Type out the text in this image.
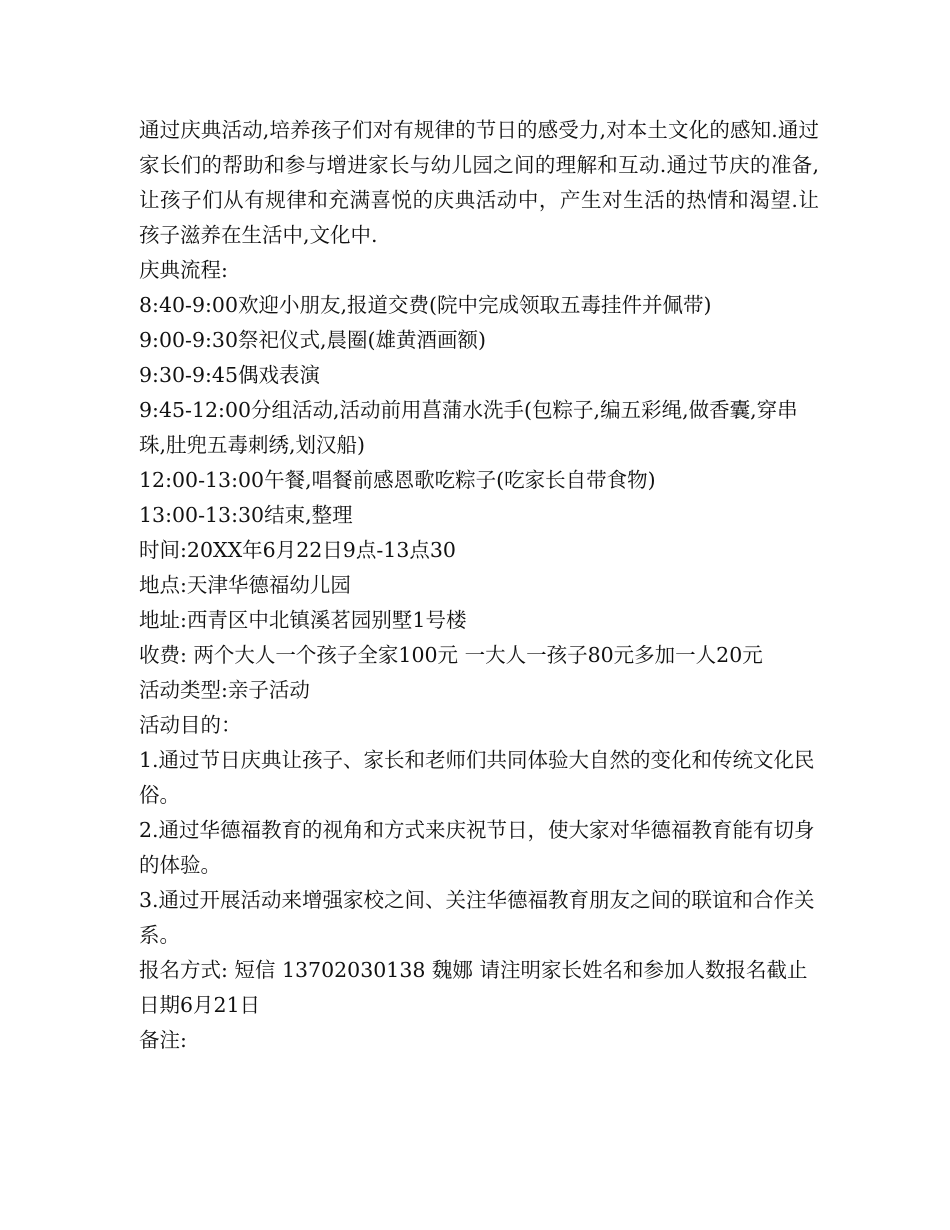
通过庆典活动,培养孩子们对有规律的节日的感受力,对本土文化的感知.通过家长们的帮助和参与增进家长与幼儿园之间的理解和互动.通过节庆的准备,让孩子们从有规律和充满喜悦的庆典活动中，产生对生活的热情和渴望.让孩子滋养在生活中,文化中.

庆典流程:

8:40-9:00欢迎小朋友,报道交费(院中完成领取五毒挂件并佩带)

9:00-9:30祭祀仪式,晨圈(雄黄酒画额)

9:30-9:45偶戏表演

9:45-12:00分组活动,活动前用菖蒲水洗手(包粽子,编五彩绳,做香囊,穿串珠,肚兜五毒刺绣,划汉船)

12:00-13:00午餐,唱餐前感恩歌吃粽子(吃家长自带食物)

13:00-13:30结束,整理

时间:20XX年6月22日9点-13点30

地点:天津华德福幼儿园

地址:西青区中北镇溪茗园别墅1号楼

收费: 两个大人一个孩子全家100元 一大人一孩子80元多加一人20元

活动类型:亲子活动

活动目的：

1.通过节日庆典让孩子、家长和老师们共同体验大自然的变化和传统文化民俗。

2.通过华德福教育的视角和方式来庆祝节日，使大家对华德福教育能有切身的体验。

3.通过开展活动来增强家校之间、关注华德福教育朋友之间的联谊和合作关系。

报名方式: 短信 13702030138 魏娜 请注明家长姓名和参加人数报名截止日期6月21日

备注:
